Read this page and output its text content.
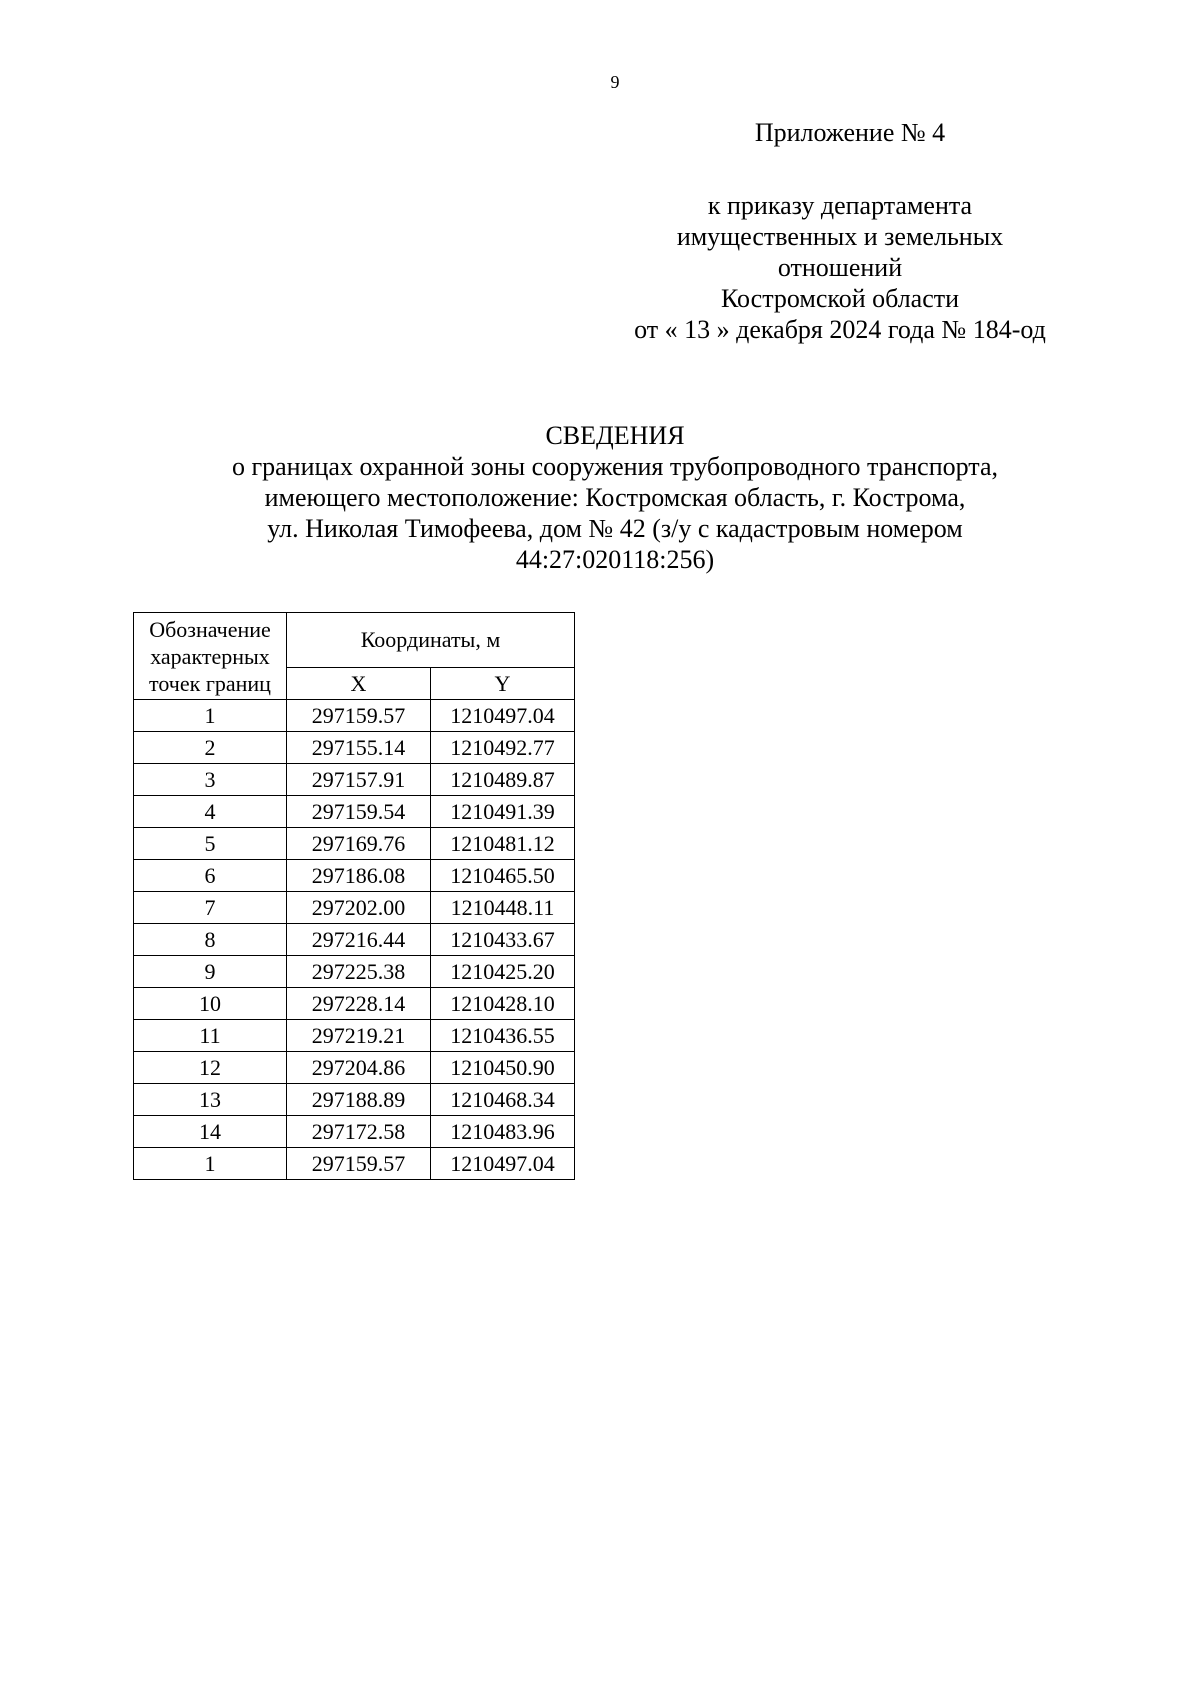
9
Приложение № 4
к приказу департамента
имущественных и земельных
отношений
Костромской области
от « 13 » декабря 2024 года № 184-од
СВЕДЕНИЯ
о границах охранной зоны сооружения трубопроводного транспорта,
имеющего местоположение: Костромская область, г. Кострома,
ул. Николая Тимофеева, дом № 42 (з/у с кадастровым номером
44:27:020118:256)
Обозначение
характерных
точек границ	Координаты, м	
	X	Y
1	297159.57	1210497.04
2	297155.14	1210492.77
3	297157.91	1210489.87
4	297159.54	1210491.39
5	297169.76	1210481.12
6	297186.08	1210465.50
7	297202.00	1210448.11
8	297216.44	1210433.67
9	297225.38	1210425.20
10	297228.14	1210428.10
11	297219.21	1210436.55
12	297204.86	1210450.90
13	297188.89	1210468.34
14	297172.58	1210483.96
1	297159.57	1210497.04
